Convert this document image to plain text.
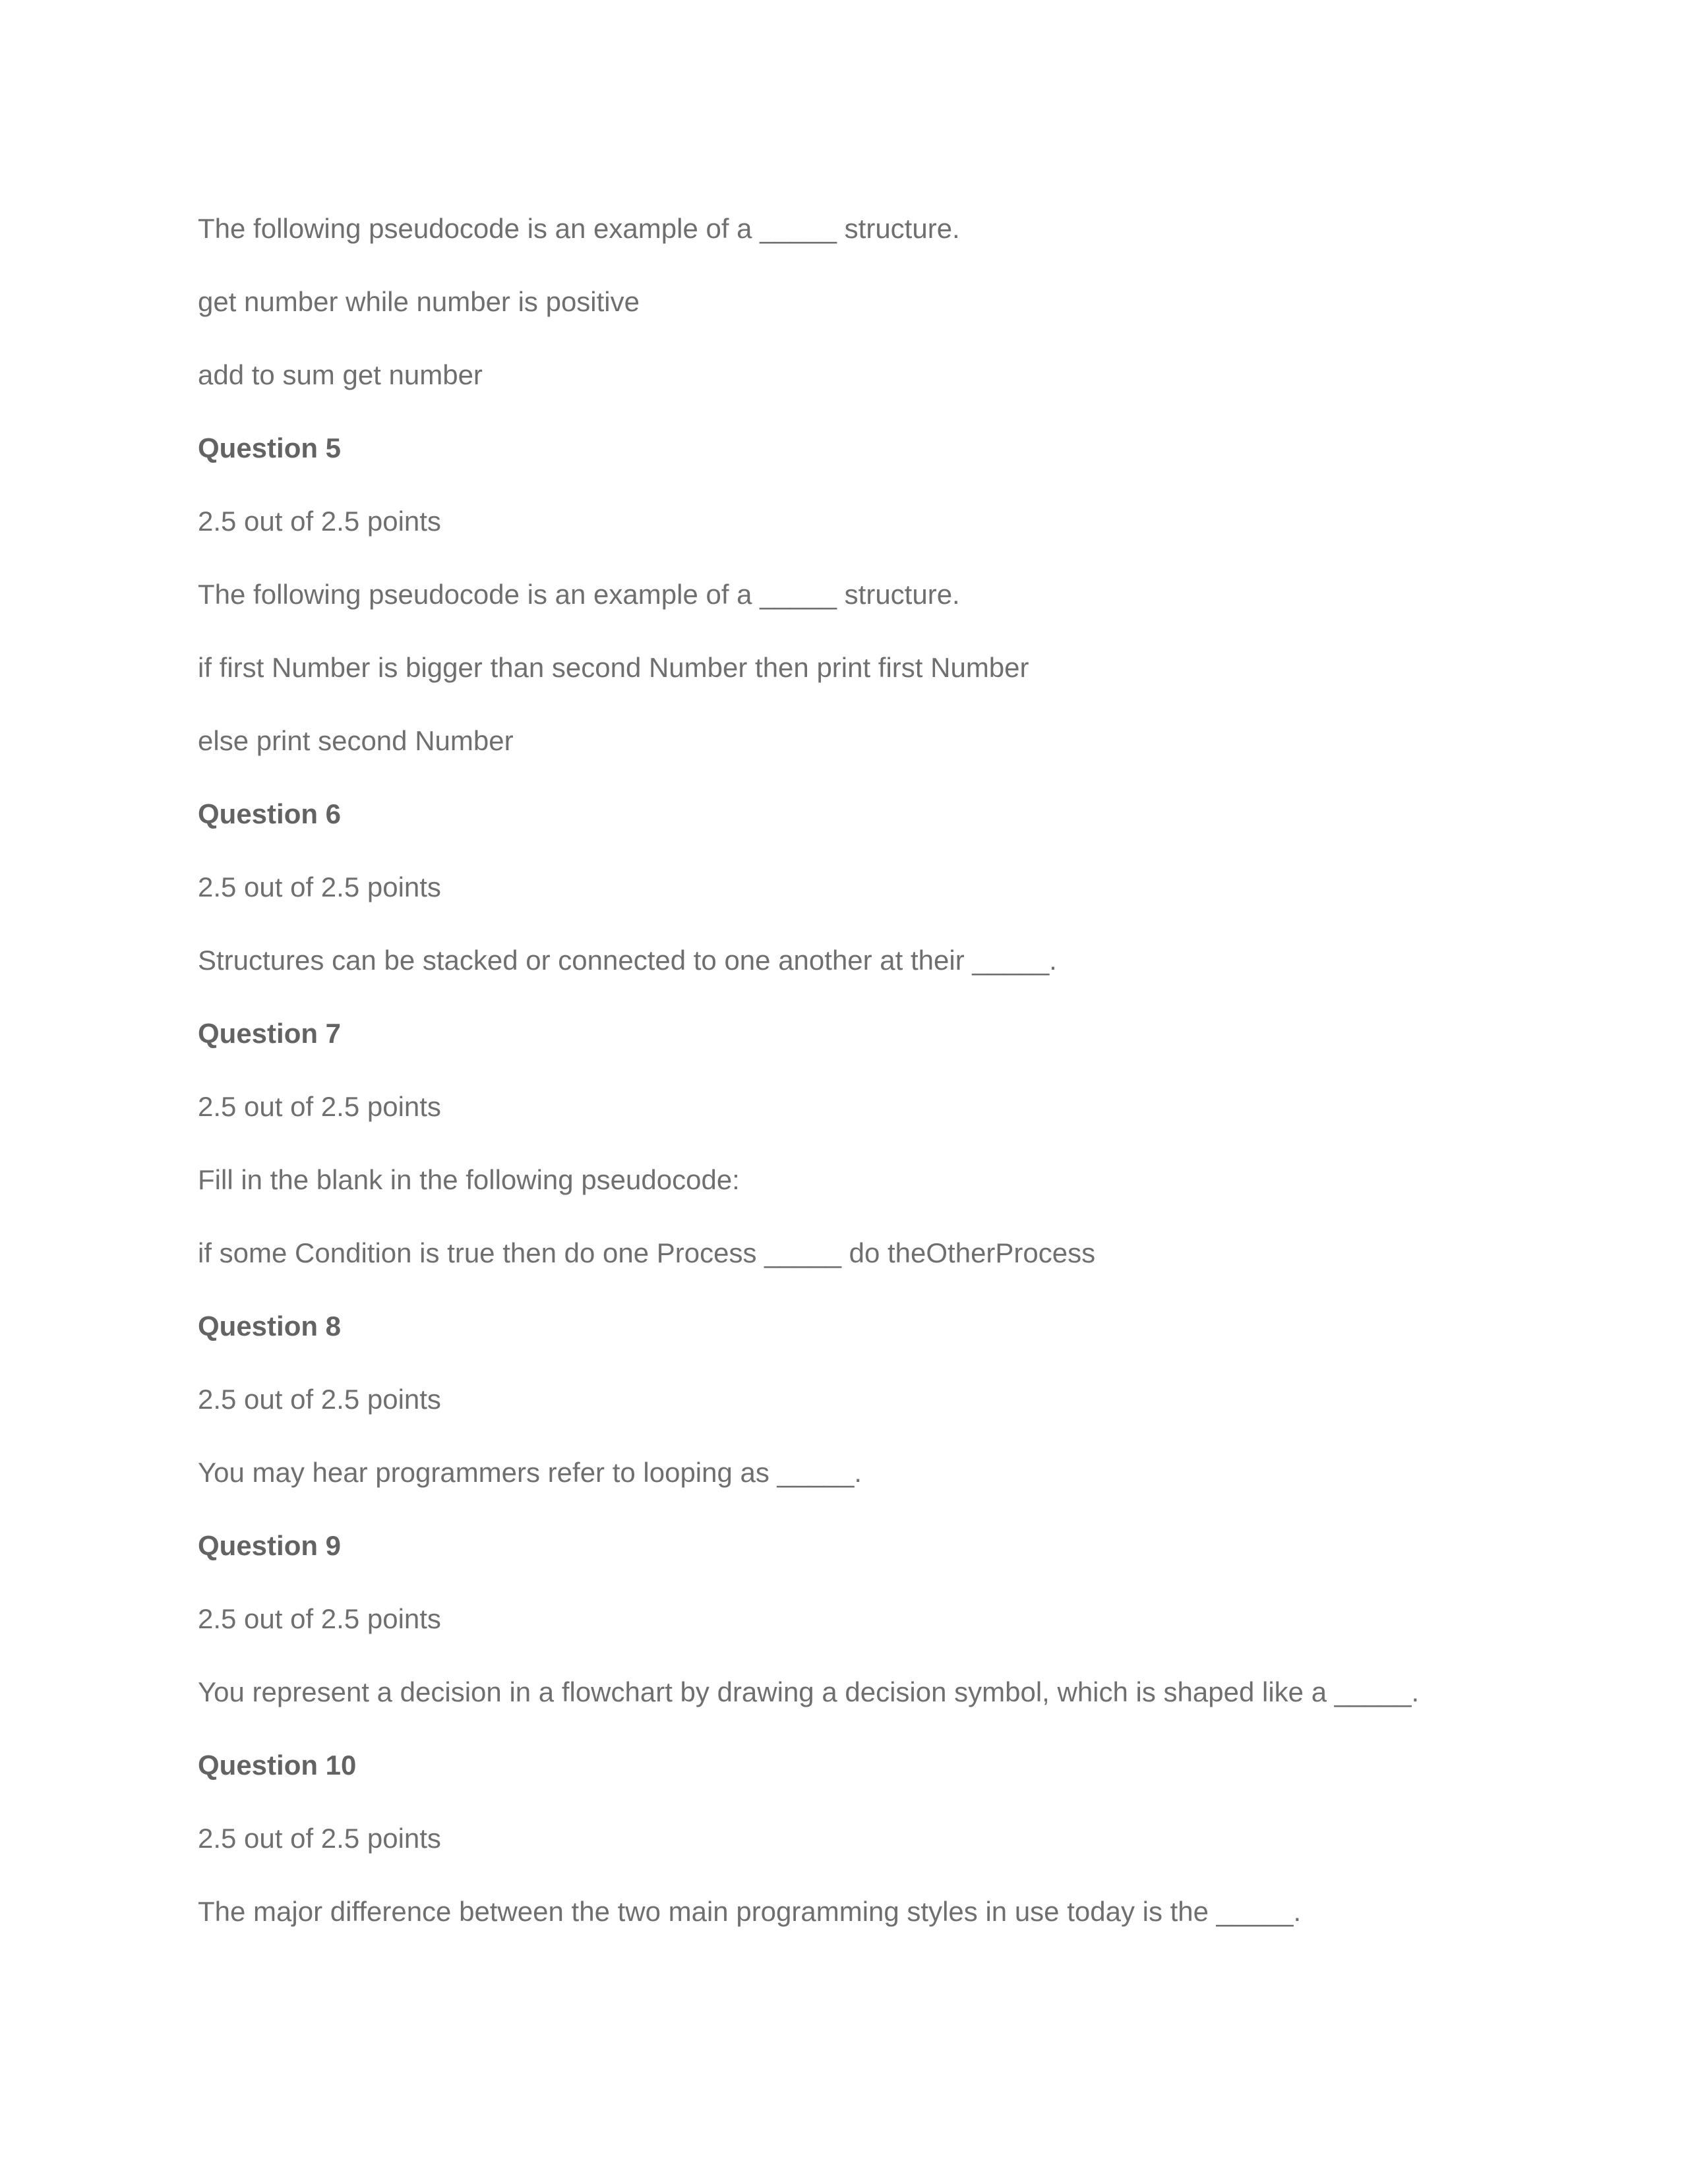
The following pseudocode is an example of a _____ structure.
get number while number is positive
add to sum get number
Question 5
2.5 out of 2.5 points
The following pseudocode is an example of a _____ structure.
if first Number is bigger than second Number then print first Number
else print second Number
Question 6
2.5 out of 2.5 points
Structures can be stacked or connected to one another at their _____.
Question 7
2.5 out of 2.5 points
Fill in the blank in the following pseudocode:
if some Condition is true then do one Process _____ do theOtherProcess
Question 8
2.5 out of 2.5 points
You may hear programmers refer to looping as _____.
Question 9
2.5 out of 2.5 points
You represent a decision in a flowchart by drawing a decision symbol, which is shaped like a _____.
Question 10
2.5 out of 2.5 points
The major difference between the two main programming styles in use today is the _____.
